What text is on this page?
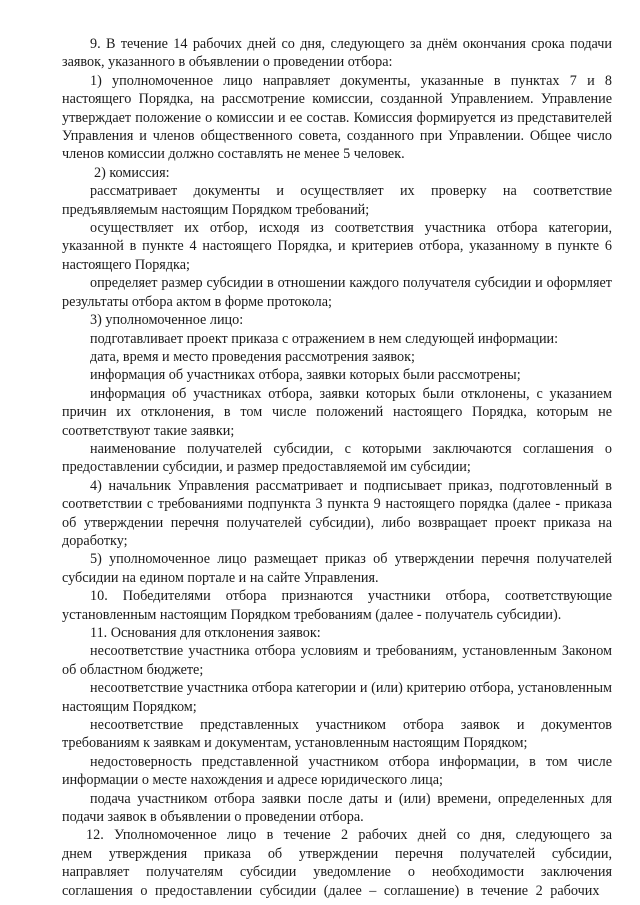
9. В течение 14 рабочих дней со дня, следующего за днём окончания срока подачи заявок, указанного в объявлении о проведении отбора:

1) уполномоченное лицо направляет документы, указанные в пунктах 7 и 8 настоящего Порядка, на рассмотрение комиссии, созданной Управлением. Управление утверждает положение о комиссии и ее состав. Комиссия формируется из представителей Управления и членов общественного совета, созданного при Управлении. Общее число членов комиссии должно составлять не менее 5 человек.

2) комиссия:

рассматривает документы и осуществляет их проверку на соответствие предъявляемым настоящим Порядком требований;

осуществляет их отбор, исходя из соответствия участника отбора категории, указанной в пункте 4 настоящего Порядка, и критериев отбора, указанному в пункте 6 настоящего Порядка;

определяет размер субсидии в отношении каждого получателя субсидии и оформляет результаты отбора актом в форме протокола;

3) уполномоченное лицо:

подготавливает проект приказа с отражением в нем следующей информации:

дата, время и место проведения рассмотрения заявок;

информация об участниках отбора, заявки которых были рассмотрены;

информация об участниках отбора, заявки которых были отклонены, с указанием причин их отклонения, в том числе положений настоящего Порядка, которым не соответствуют такие заявки;

наименование получателей субсидии, с которыми заключаются соглашения о предоставлении субсидии, и размер предоставляемой им субсидии;

4) начальник Управления рассматривает и подписывает приказ, подготовленный в соответствии с требованиями подпункта 3 пункта 9 настоящего порядка (далее - приказа об утверждении перечня получателей субсидии), либо возвращает проект приказа на доработку;

5) уполномоченное лицо размещает приказ об утверждении перечня получателей субсидии на едином портале и на сайте Управления.

10. Победителями отбора признаются участники отбора, соответствующие установленным настоящим Порядком требованиям (далее - получатель субсидии).

11. Основания для отклонения заявок:

несоответствие участника отбора условиям и требованиям, установленным Законом об областном бюджете;

несоответствие участника отбора категории и (или) критерию отбора, установленным настоящим Порядком;

несоответствие представленных участником отбора заявок и документов требованиям к заявкам и документам, установленным настоящим Порядком;

недостоверность представленной участником отбора информации, в том числе информации о месте нахождения и адресе юридического лица;

подача участником отбора заявки после даты и (или) времени, определенных для подачи заявок в объявлении о проведении отбора.

12. Уполномоченное лицо в течение 2 рабочих дней со дня, следующего за днем утверждения приказа об утверждении перечня получателей субсидии, направляет получателям субсидии уведомление о необходимости заключения соглашения о предоставлении субсидии (далее – соглашение) в течение 2 рабочих
